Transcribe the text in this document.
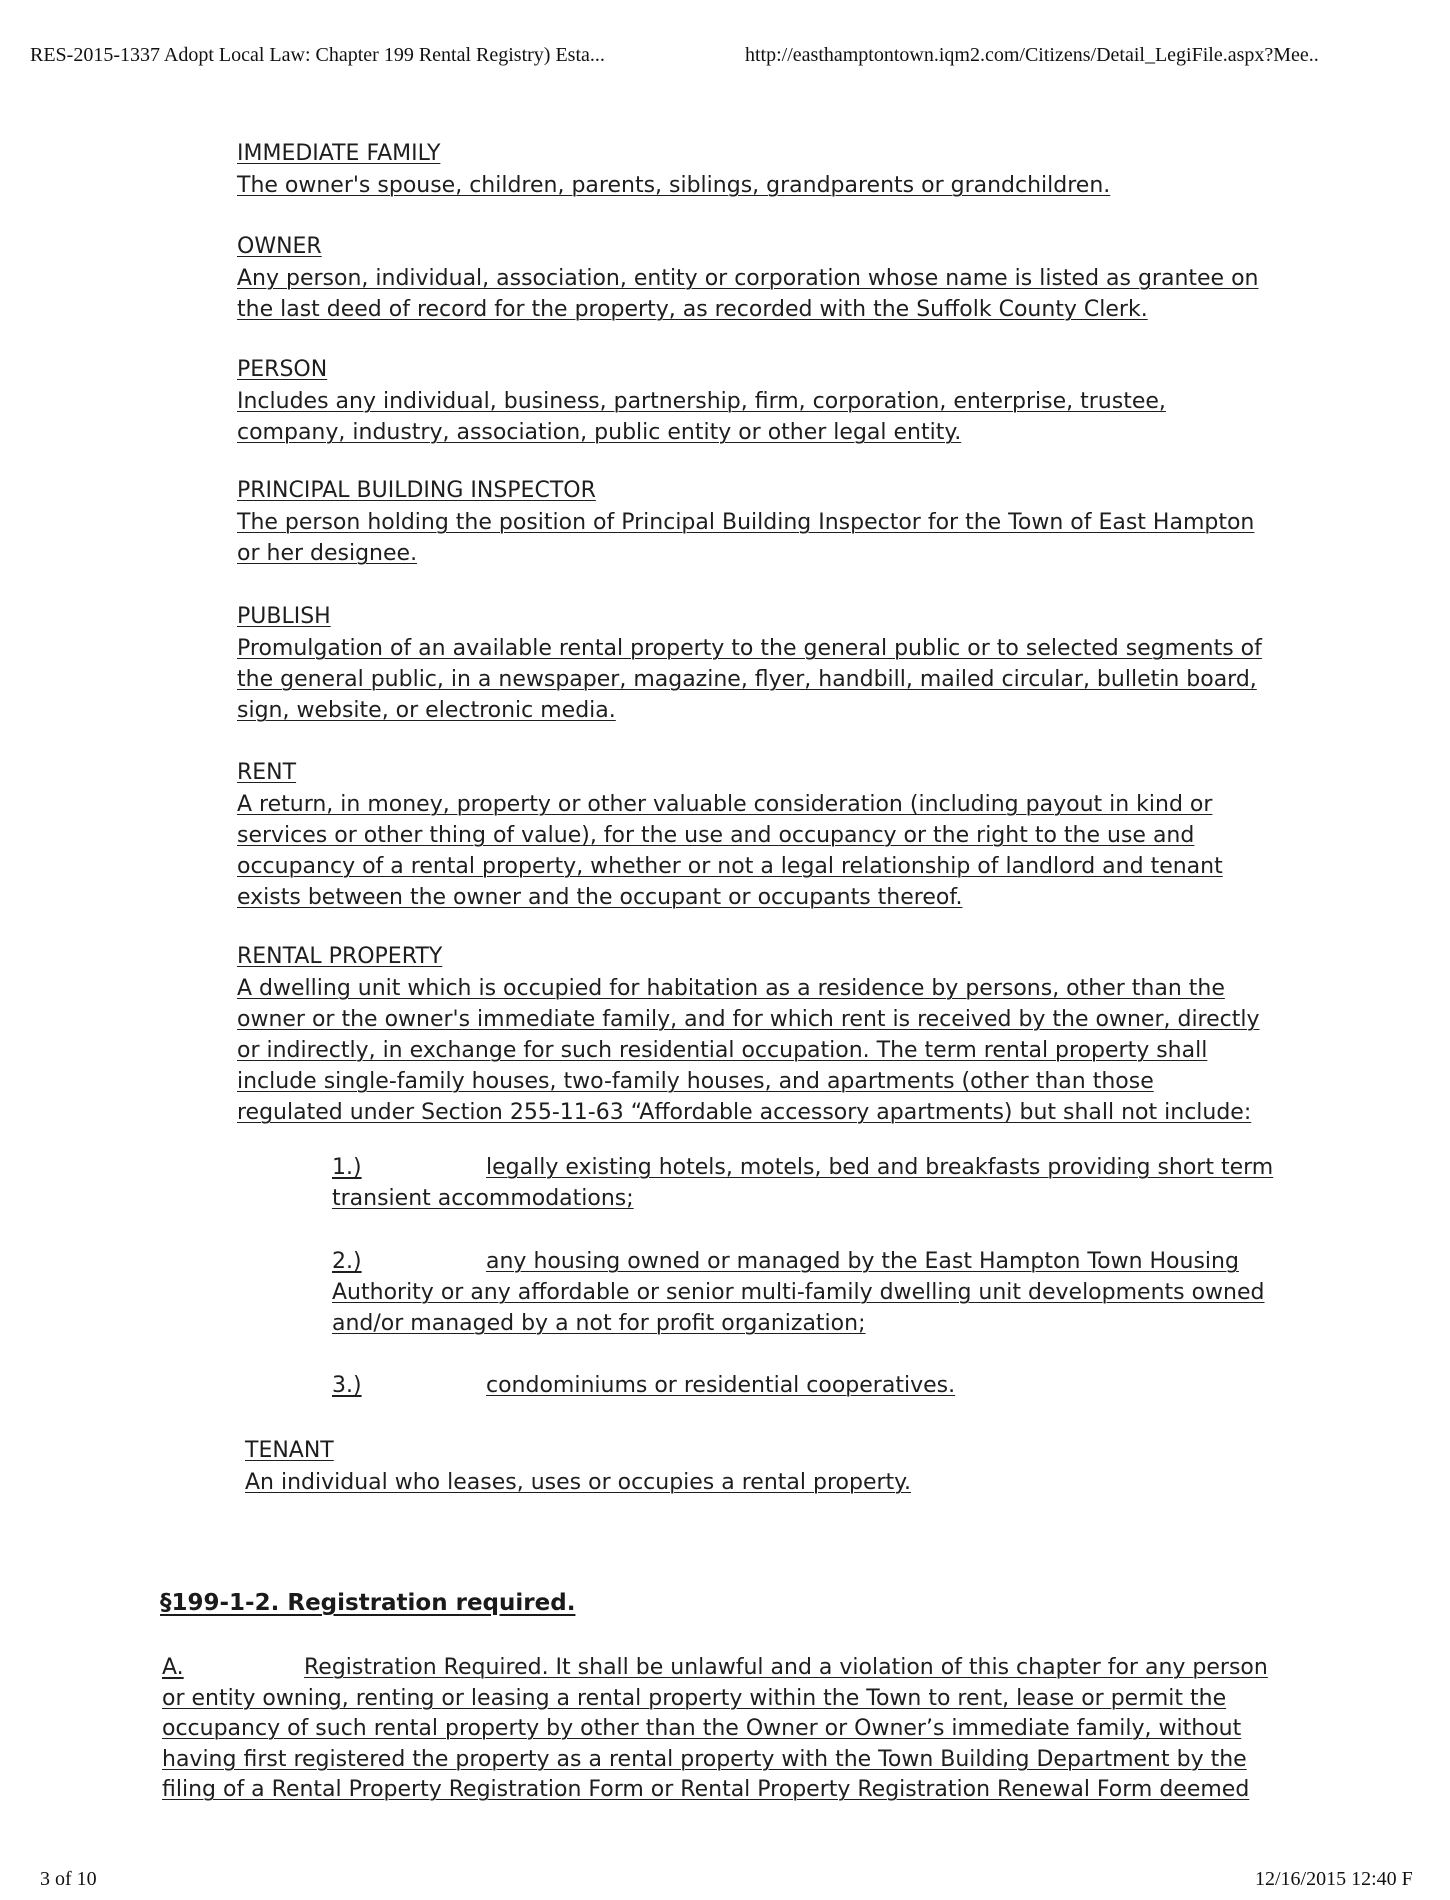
RES-2015-1337 Adopt Local Law: Chapter 199 Rental Registry) Esta...	http://easthamptontown.iqm2.com/Citizens/Detail_LegiFile.aspx?Mee..
IMMEDIATE FAMILY
The owner's spouse, children, parents, siblings, grandparents or grandchildren.
OWNER
Any person, individual, association, entity or corporation whose name is listed as grantee on
the last deed of record for the property, as recorded with the Suffolk County Clerk.
PERSON
Includes any individual, business, partnership, firm, corporation, enterprise, trustee,
company, industry, association, public entity or other legal entity.
PRINCIPAL BUILDING INSPECTOR
The person holding the position of Principal Building Inspector for the Town of East Hampton
or her designee.
PUBLISH
Promulgation of an available rental property to the general public or to selected segments of
the general public, in a newspaper, magazine, flyer, handbill, mailed circular, bulletin board,
sign, website, or electronic media.
RENT
A return, in money, property or other valuable consideration (including payout in kind or
services or other thing of value), for the use and occupancy or the right to the use and
occupancy of a rental property, whether or not a legal relationship of landlord and tenant
exists between the owner and the occupant or occupants thereof.
RENTAL PROPERTY
A dwelling unit which is occupied for habitation as a residence by persons, other than the
owner or the owner's immediate family, and for which rent is received by the owner, directly
or indirectly, in exchange for such residential occupation. The term rental property shall
include single-family houses, two-family houses, and apartments (other than those
regulated under Section 255-11-63 “Affordable accessory apartments) but shall not include:
1.)	legally existing hotels, motels, bed and breakfasts providing short term
transient accommodations;
2.)	any housing owned or managed by the East Hampton Town Housing
Authority or any affordable or senior multi-family dwelling unit developments owned
and/or managed by a not for profit organization;
3.)	condominiums or residential cooperatives.
TENANT
An individual who leases, uses or occupies a rental property.
§199-1-2. Registration required.
A.	Registration Required. It shall be unlawful and a violation of this chapter for any person
or entity owning, renting or leasing a rental property within the Town to rent, lease or permit the
occupancy of such rental property by other than the Owner or Owner’s immediate family, without
having first registered the property as a rental property with the Town Building Department by the
filing of a Rental Property Registration Form or Rental Property Registration Renewal Form deemed
3 of 10	12/16/2015 12:40 F
